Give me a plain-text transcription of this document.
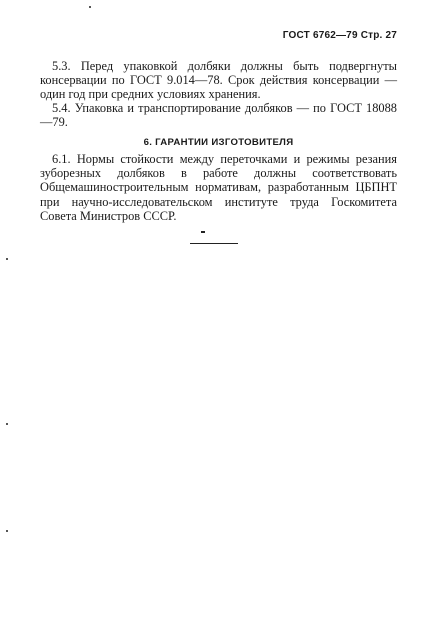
ГОСТ 6762—79 Стр. 27

5.3. Перед упаковкой долбяки должны быть подвергнуты консервации по ГОСТ 9.014—78. Срок действия консервации — один год при средних условиях хранения.

5.4. Упаковка и транспортирование долбяков — по ГОСТ 18088—79.

6. ГАРАНТИИ ИЗГОТОВИТЕЛЯ

6.1. Нормы стойкости между переточками и режимы резания зуборезных долбяков в работе должны соответствовать Общемашиностроительным нормативам, разработанным ЦБПНТ при научно-исследовательском институте труда Госкомитета Совета Министров СССР.
